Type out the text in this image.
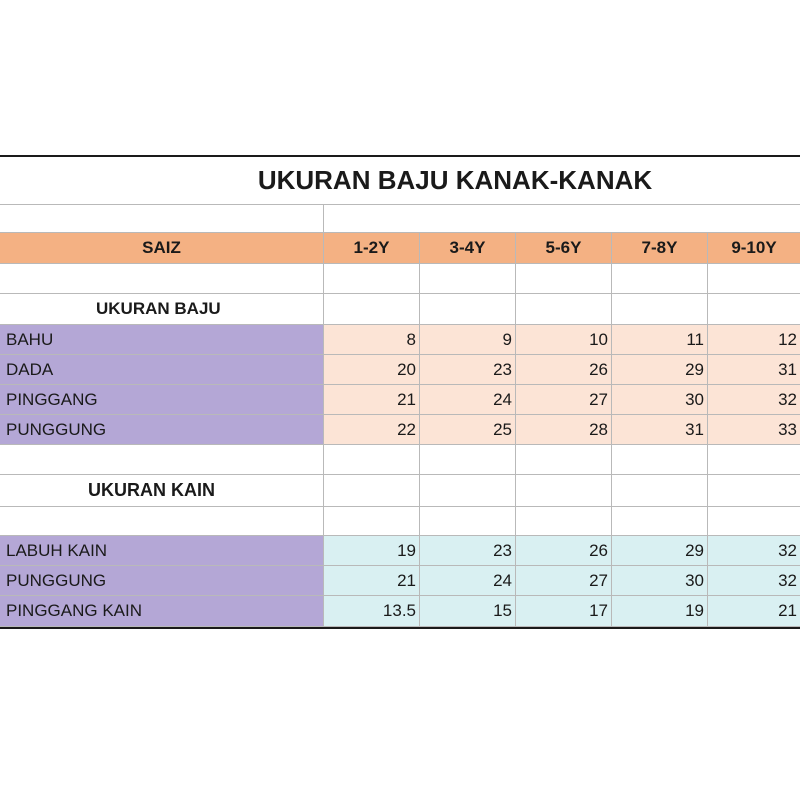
UKURAN BAJU KANAK-KANAK
SAIZ	1-2Y	3-4Y	5-6Y	7-8Y	9-10Y
UKURAN BAJU
BAHU	8	9	10	11	12
DADA	20	23	26	29	31
PINGGANG	21	24	27	30	32
PUNGGUNG	22	25	28	31	33
UKURAN KAIN
LABUH KAIN	19	23	26	29	32
PUNGGUNG	21	24	27	30	32
PINGGANG KAIN	13.5	15	17	19	21
